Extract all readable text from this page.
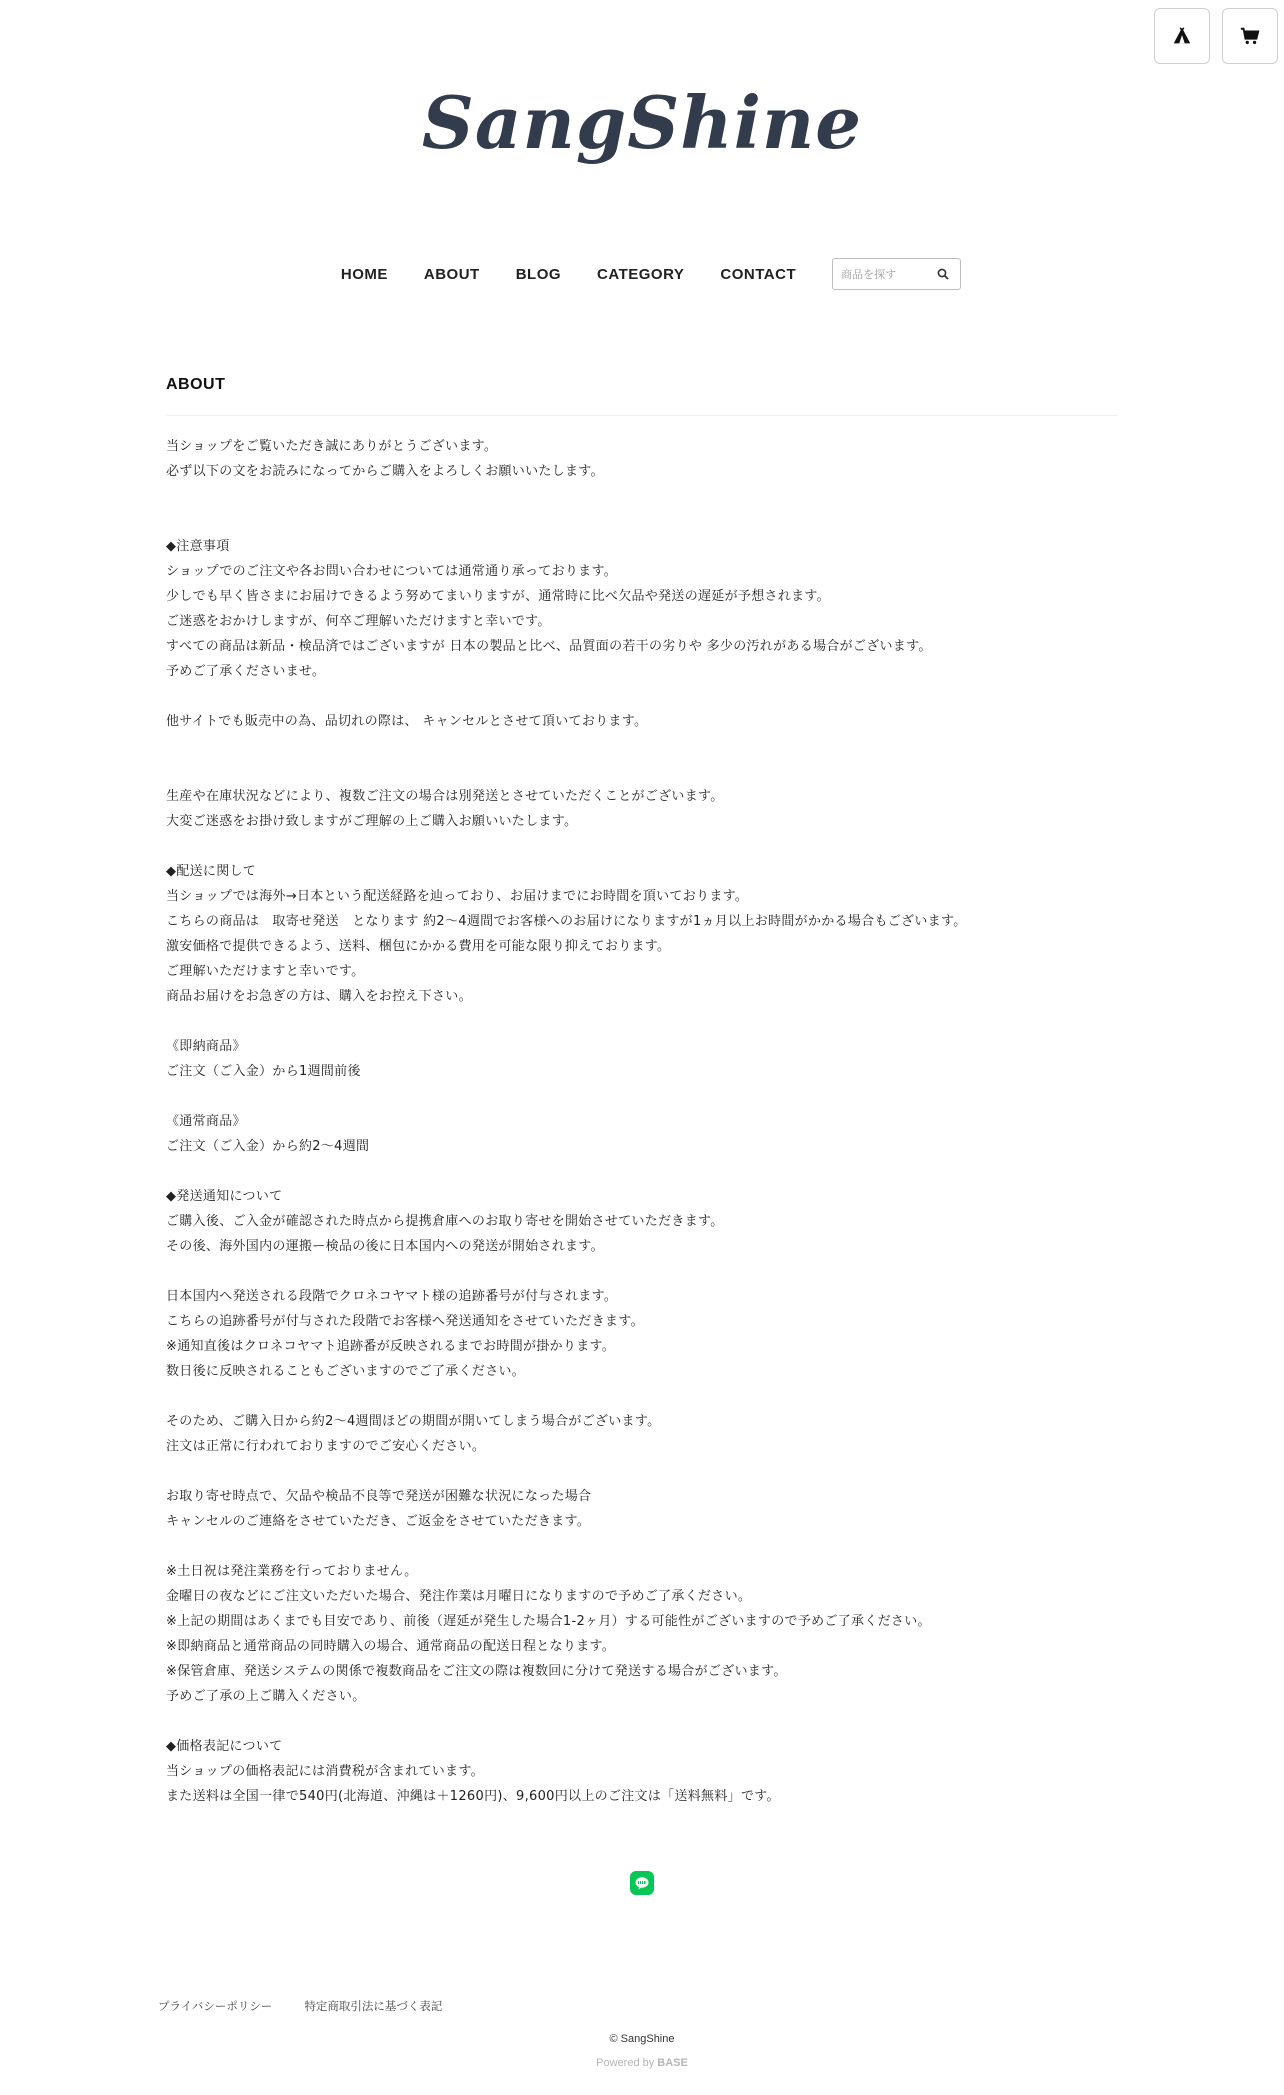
SangShine
HOME ABOUT BLOG CATEGORY CONTACT
商品を探す
ABOUT
当ショップをご覧いただき誠にありがとうございます。
必ず以下の文をお読みになってからご購入をよろしくお願いいたします。
◆注意事項
ショップでのご注文や各お問い合わせについては通常通り承っております。
少しでも早く皆さまにお届けできるよう努めてまいりますが、通常時に比べ欠品や発送の遅延が予想されます。
ご迷惑をおかけしますが、何卒ご理解いただけますと幸いです。
すべての商品は新品・検品済ではございますが 日本の製品と比べ、品質面の若干の劣りや 多少の汚れがある場合がございます。
予めご了承くださいませ。
他サイトでも販売中の為、品切れの際は、 キャンセルとさせて頂いております。
生産や在庫状況などにより、複数ご注文の場合は別発送とさせていただくことがございます。
大変ご迷惑をお掛け致しますがご理解の上ご購入お願いいたします。
◆配送に関して
当ショップでは海外→日本という配送経路を辿っており、お届けまでにお時間を頂いております。
こちらの商品は　取寄せ発送　となります 約2〜4週間でお客様へのお届けになりますが1ヵ月以上お時間がかかる場合もございます。
激安価格で提供できるよう、送料、梱包にかかる費用を可能な限り抑えております。
ご理解いただけますと幸いです。
商品お届けをお急ぎの方は、購入をお控え下さい。
《即納商品》
ご注文（ご入金）から1週間前後
《通常商品》
ご注文（ご入金）から約2〜4週間
◆発送通知について
ご購入後、ご入金が確認された時点から提携倉庫へのお取り寄せを開始させていただきます。
その後、海外国内の運搬ー検品の後に日本国内への発送が開始されます。
日本国内へ発送される段階でクロネコヤマト様の追跡番号が付与されます。
こちらの追跡番号が付与された段階でお客様へ発送通知をさせていただきます。
※通知直後はクロネコヤマト追跡番が反映されるまでお時間が掛かります。
数日後に反映されることもございますのでご了承ください。
そのため、ご購入日から約2～4週間ほどの期間が開いてしまう場合がございます。
注文は正常に行われておりますのでご安心ください。
お取り寄せ時点で、欠品や検品不良等で発送が困難な状況になった場合
キャンセルのご連絡をさせていただき、ご返金をさせていただきます。
※土日祝は発注業務を行っておりません。
金曜日の夜などにご注文いただいた場合、発注作業は月曜日になりますので予めご了承ください。
※上記の期間はあくまでも目安であり、前後（遅延が発生した場合1-2ヶ月）する可能性がございますので予めご了承ください。
※即納商品と通常商品の同時購入の場合、通常商品の配送日程となります。
※保管倉庫、発送システムの関係で複数商品をご注文の際は複数回に分けて発送する場合がございます。
予めご了承の上ご購入ください。
◆価格表記について
当ショップの価格表記には消費税が含まれています。
また送料は全国一律で540円(北海道、沖縄は＋1260円)、9,600円以上のご注文は「送料無料」です。
プライバシーポリシー	特定商取引法に基づく表記
© SangShine
Powered by BASE
